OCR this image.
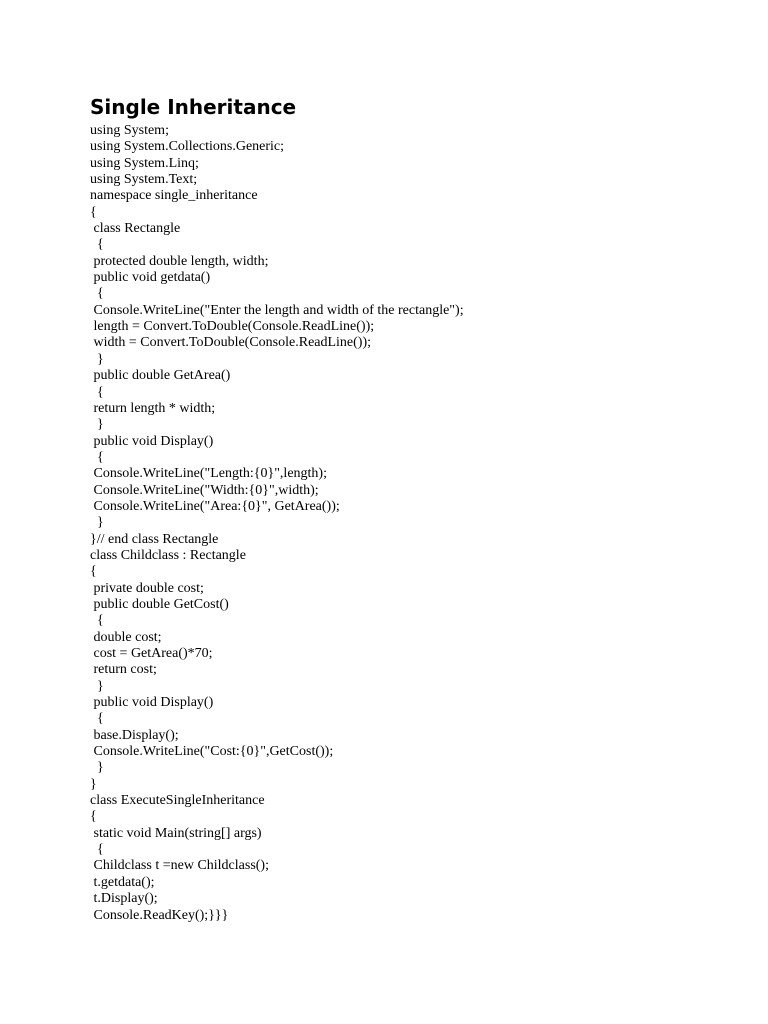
Single Inheritance
using System;
using System.Collections.Generic;
using System.Linq;
using System.Text;
namespace single_inheritance
{
class Rectangle
{
protected double length, width;
public void getdata()
{
Console.WriteLine("Enter the length and width of the rectangle");
length = Convert.ToDouble(Console.ReadLine());
width = Convert.ToDouble(Console.ReadLine());
}
public double GetArea()
{
return length * width;
}
public void Display()
{
Console.WriteLine("Length:{0}",length);
Console.WriteLine("Width:{0}",width);
Console.WriteLine("Area:{0}", GetArea());
}
}// end class Rectangle
class Childclass : Rectangle
{
private double cost;
public double GetCost()
{
double cost;
cost = GetArea()*70;
return cost;
}
public void Display()
{
base.Display();
Console.WriteLine("Cost:{0}",GetCost());
}
}
class ExecuteSingleInheritance
{
static void Main(string[] args)
{
Childclass t =new Childclass();
t.getdata();
t.Display();
Console.ReadKey();}}}
